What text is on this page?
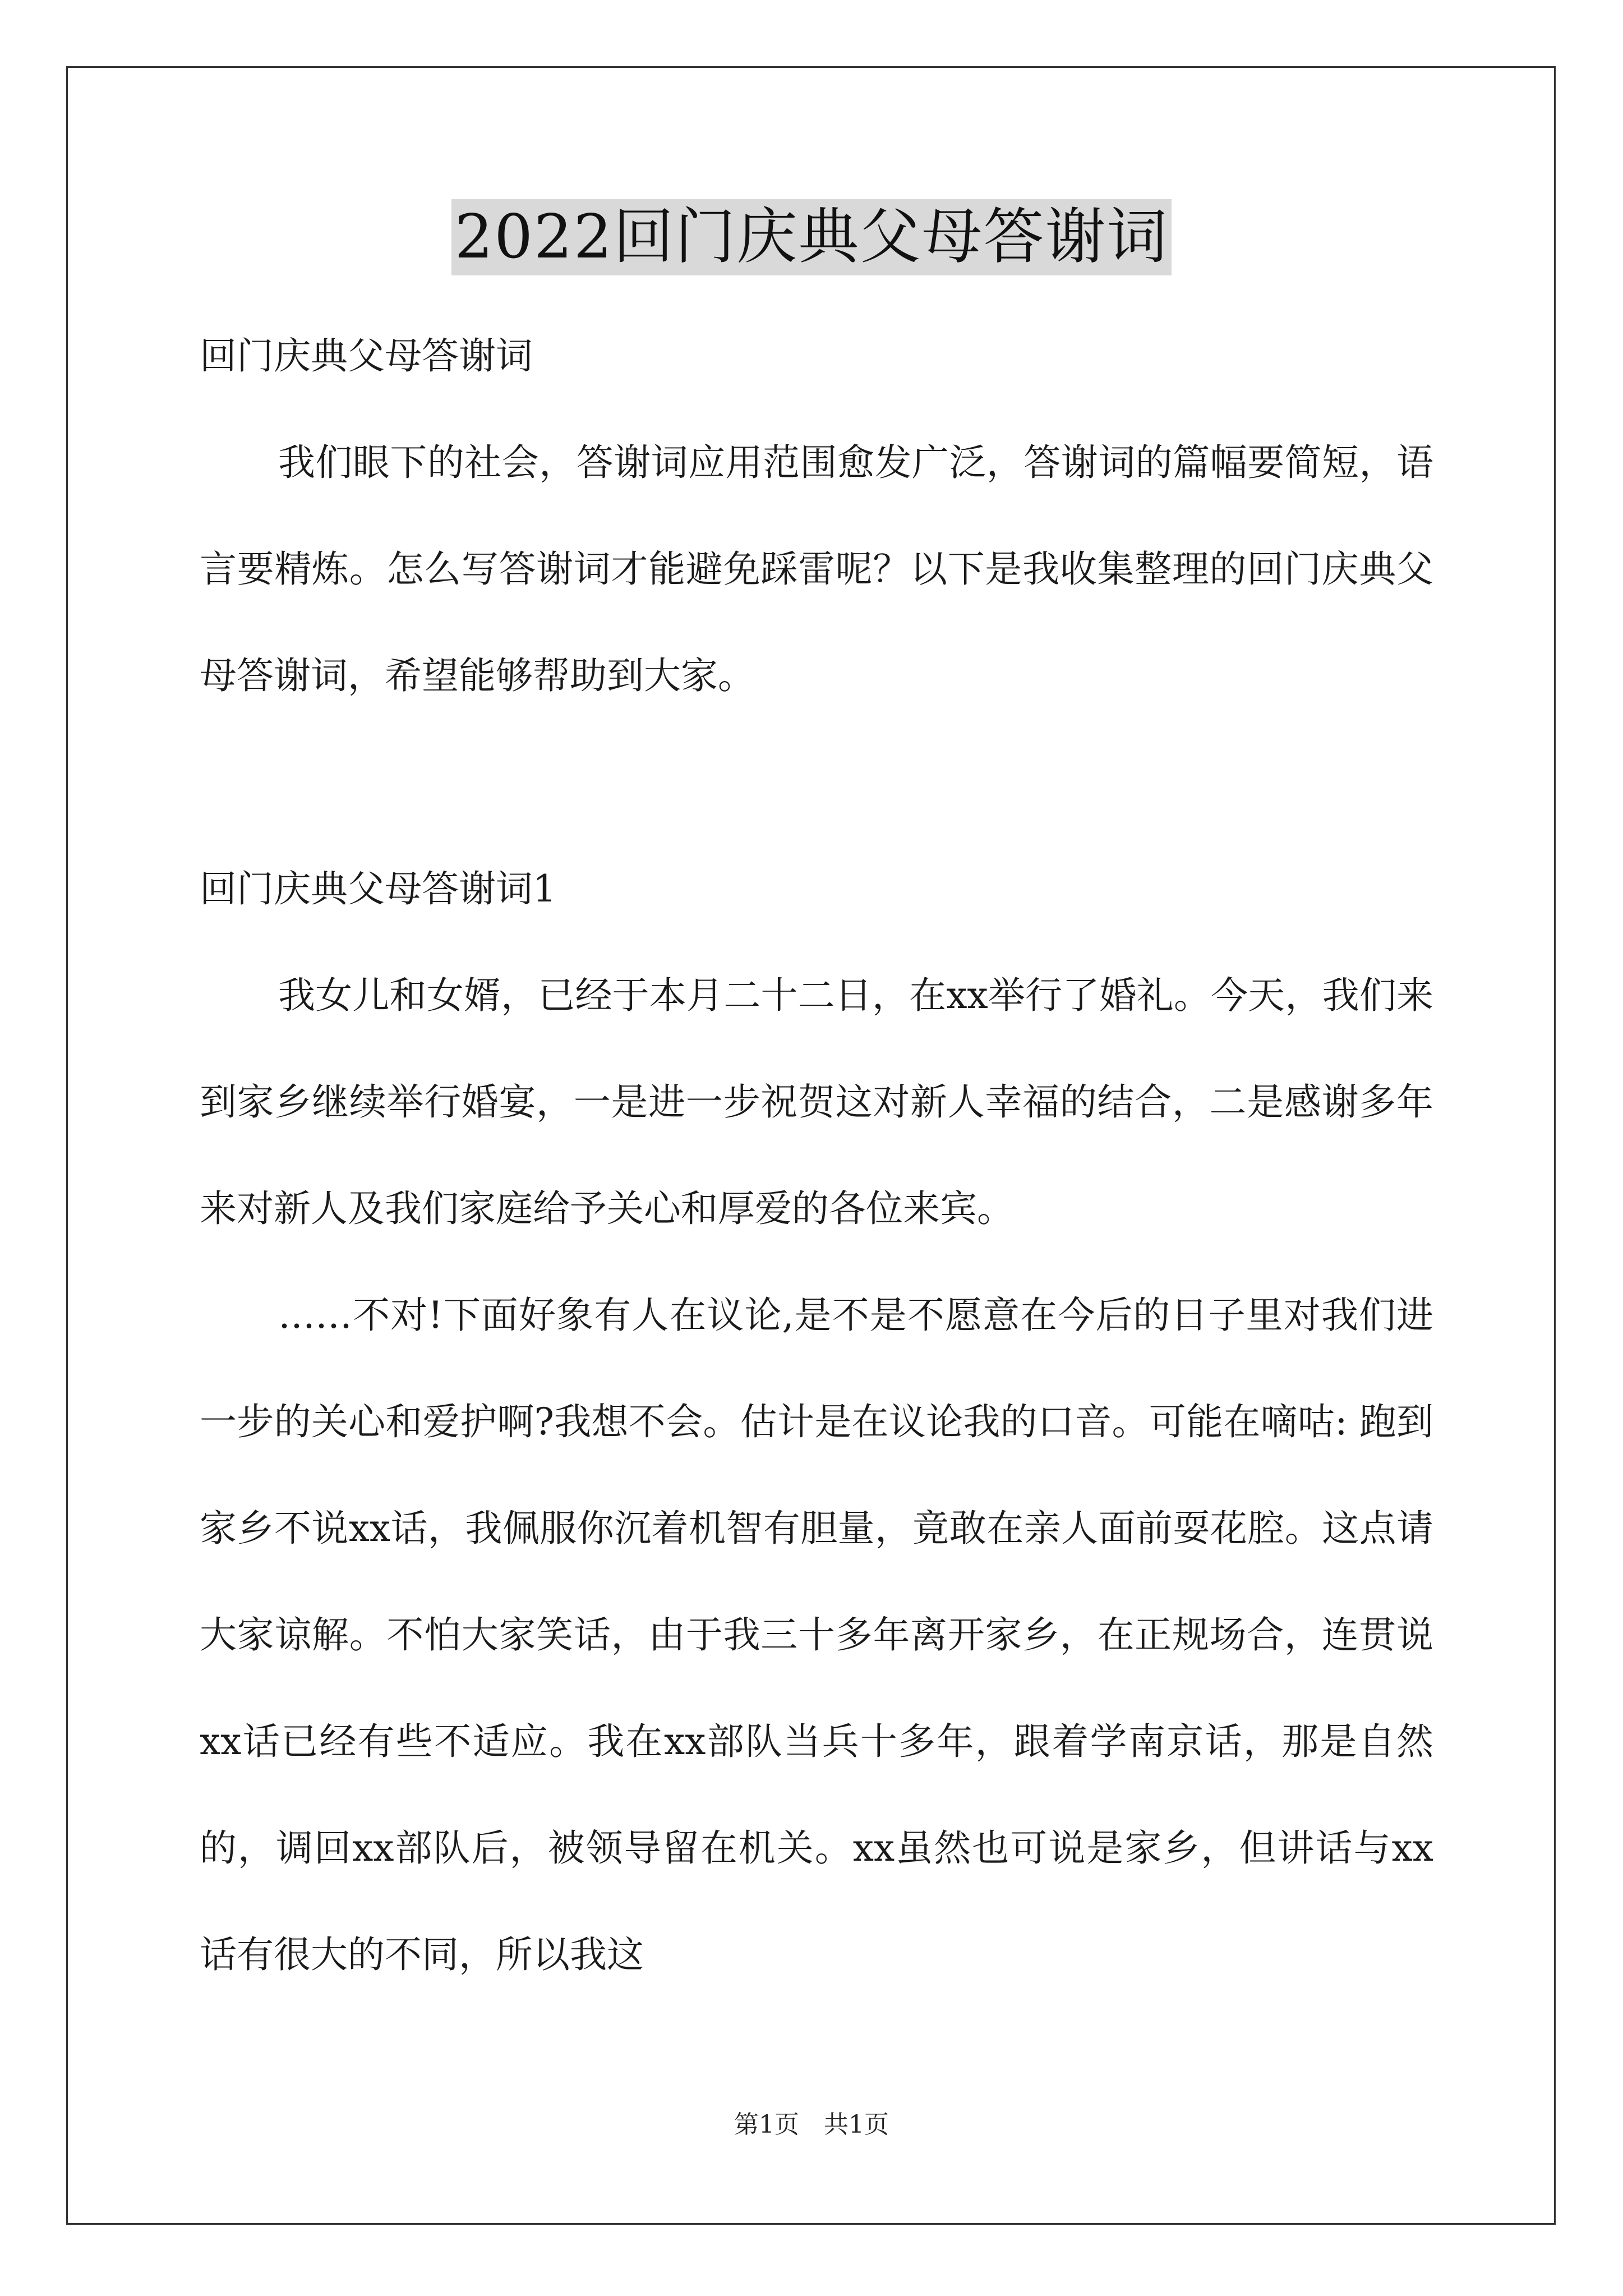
2022回门庆典父母答谢词

回门庆典父母答谢词

我们眼下的社会，答谢词应用范围愈发广泛，答谢词的篇幅要简短，语言要精炼。怎么写答谢词才能避免踩雷呢？以下是我收集整理的回门庆典父母答谢词，希望能够帮助到大家。

回门庆典父母答谢词1

我女儿和女婿，已经于本月二十二日，在xx举行了婚礼。今天，我们来到家乡继续举行婚宴，一是进一步祝贺这对新人幸福的结合，二是感谢多年来对新人及我们家庭给予关心和厚爱的各位来宾。

……不对!下面好象有人在议论,是不是不愿意在今后的日子里对我们进一步的关心和爱护啊?我想不会。估计是在议论我的口音。可能在嘀咕: 跑到家乡不说xx话，我佩服你沉着机智有胆量，竟敢在亲人面前耍花腔。这点请大家谅解。不怕大家笑话，由于我三十多年离开家乡，在正规场合，连贯说xx话已经有些不适应。我在xx部队当兵十多年，跟着学南京话，那是自然的，调回xx部队后，被领导留在机关。xx虽然也可说是家乡，但讲话与xx话有很大的不同，所以我这

第1页　共1页
